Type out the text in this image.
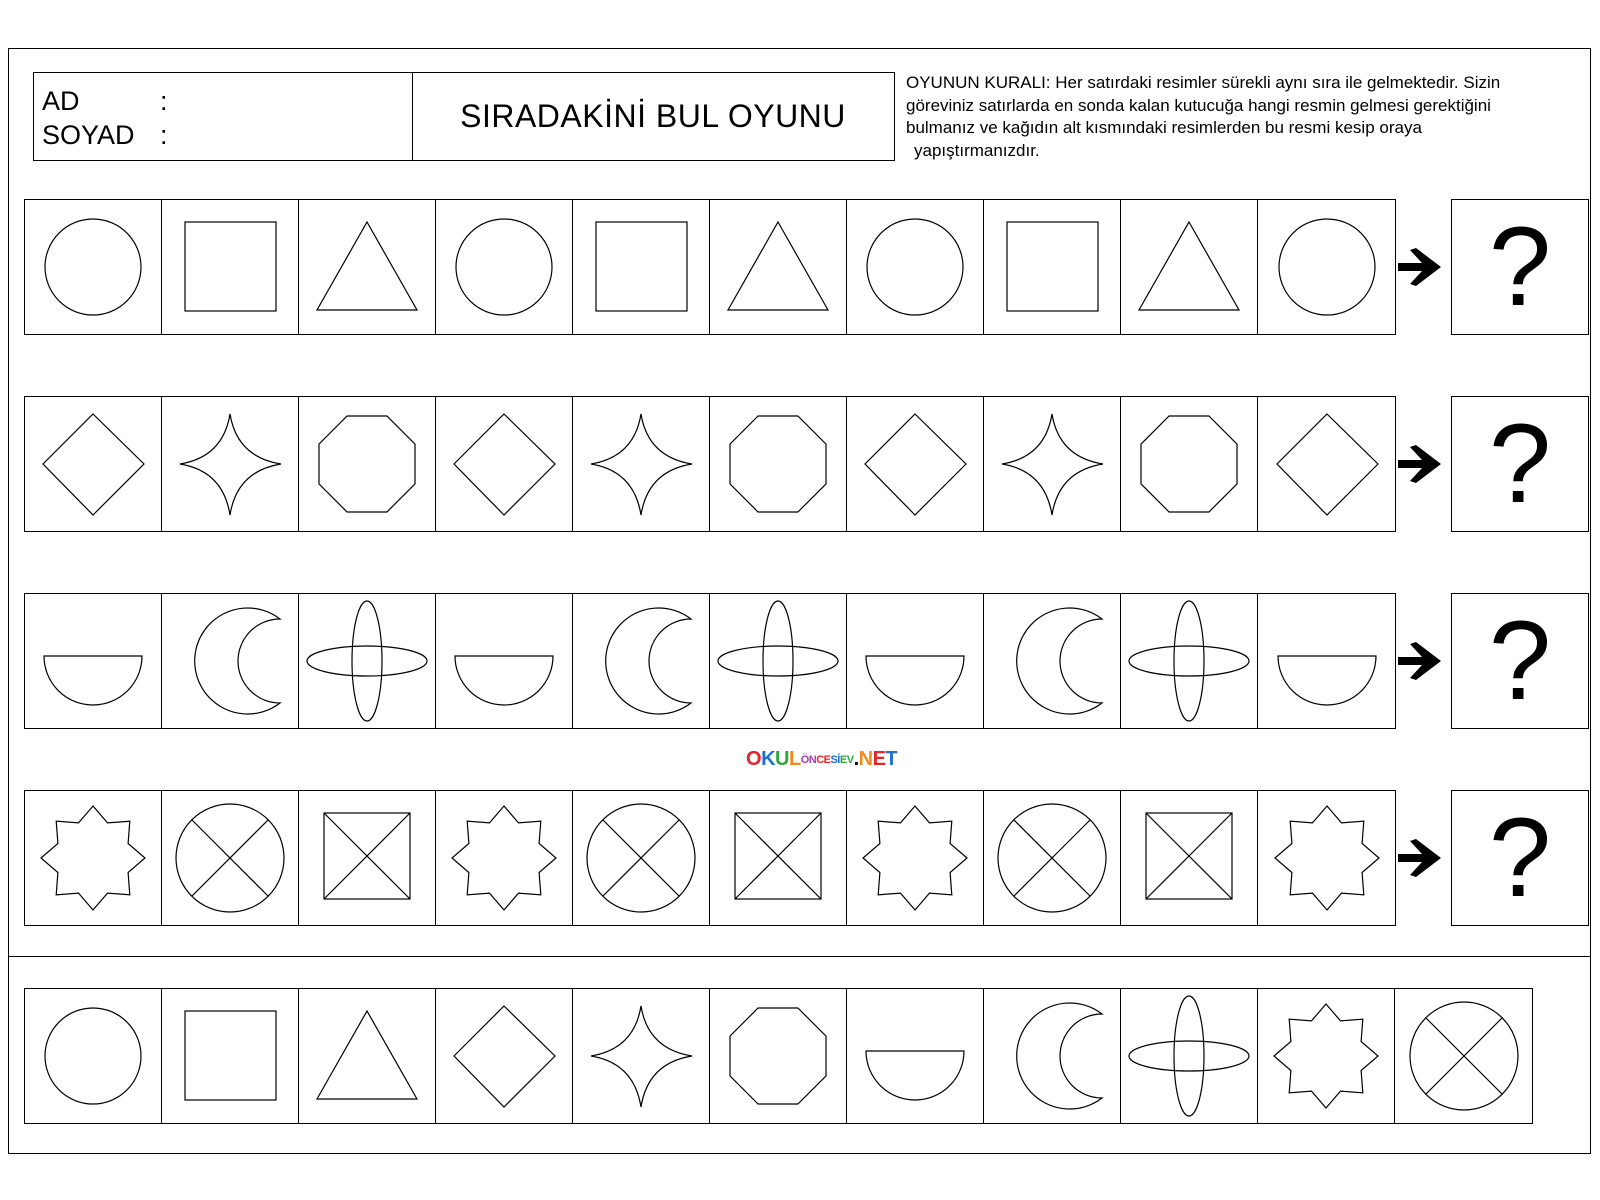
AD	:
SOYAD :
SIRADAKİNİ BUL OYUNU
OYUNUN KURALI: Her satırdaki resimler sürekli aynı sıra ile gelmektedir. Sizin
göreviniz satırlarda en sonda kalan kutucuğa hangi resmin gelmesi gerektiğini
bulmanız ve kağıdın alt kısmındaki resimlerden bu resmi kesip oraya
yapıştırmanızdır.
?
?
?
?
OKULÖNCESİEV.NET
